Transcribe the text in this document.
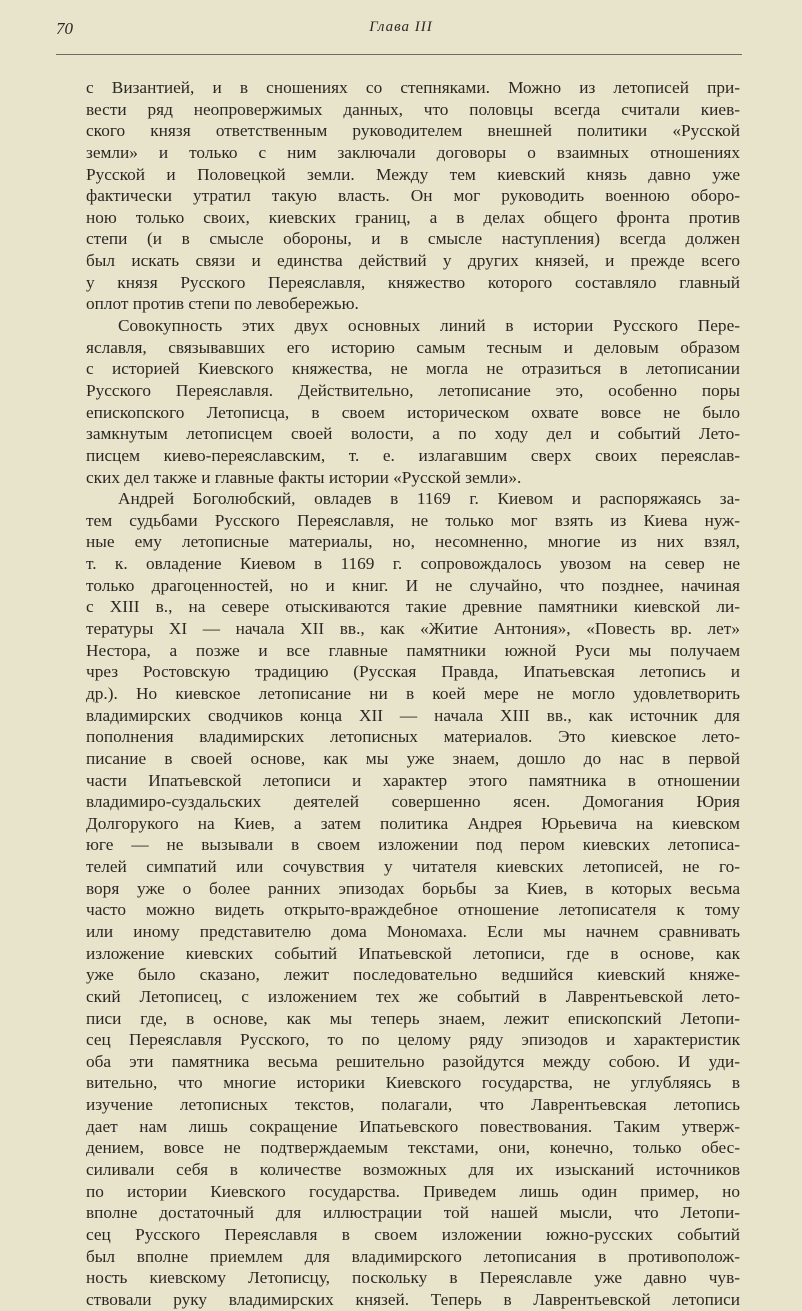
70	Глава III
с Византией, и в сношениях со степняками. Можно из летописей при-
вести ряд неопровержимых данных, что половцы всегда считали киев-
ского князя ответственным руководителем внешней политики «Русской
земли» и только с ним заключали договоры о взаимных отношениях
Русской и Половецкой земли. Между тем киевский князь давно уже
фактически утратил такую власть. Он мог руководить военною оборо-
ною только своих, киевских границ, а в делах общего фронта против
степи (и в смысле обороны, и в смысле наступления) всегда должен
был искать связи и единства действий у других князей, и прежде всего
у князя Русского Переяславля, княжество которого составляло главный
оплот против степи по левобережью.
Совокупность этих двух основных линий в истории Русского Пере-
яславля, связывавших его историю самым тесным и деловым образом
с историей Киевского княжества, не могла не отразиться в летописании
Русского Переяславля. Действительно, летописание это, особенно поры
епископского Летописца, в своем историческом охвате вовсе не было
замкнутым летописцем своей волости, а по ходу дел и событий Лето-
писцем киево-переяславским, т. е. излагавшим сверх своих переяслав-
ских дел также и главные факты истории «Русской земли».
Андрей Боголюбский, овладев в 1169 г. Киевом и распоряжаясь за-
тем судьбами Русского Переяславля, не только мог взять из Киева нуж-
ные ему летописные материалы, но, несомненно, многие из них взял,
т. к. овладение Киевом в 1169 г. сопровождалось увозом на север не
только драгоценностей, но и книг. И не случайно, что позднее, начиная
с XIII в., на севере отыскиваются такие древние памятники киевской ли-
тературы XI — начала XII вв., как «Житие Антония», «Повесть вр. лет»
Нестора, а позже и все главные памятники южной Руси мы получаем
чрез Ростовскую традицию (Русская Правда, Ипатьевская летопись и
др.). Но киевское летописание ни в коей мере не могло удовлетворить
владимирских сводчиков конца XII — начала XIII вв., как источник для
пополнения владимирских летописных материалов. Это киевское лето-
писание в своей основе, как мы уже знаем, дошло до нас в первой
части Ипатьевской летописи и характер этого памятника в отношении
владимиро-суздальских деятелей совершенно ясен. Домогания Юрия
Долгорукого на Киев, а затем политика Андрея Юрьевича на киевском
юге — не вызывали в своем изложении под пером киевских летописа-
телей симпатий или сочувствия у читателя киевских летописей, не го-
воря уже о более ранних эпизодах борьбы за Киев, в которых весьма
часто можно видеть открыто-враждебное отношение летописателя к тому
или иному представителю дома Мономаха. Если мы начнем сравнивать
изложение киевских событий Ипатьевской летописи, где в основе, как
уже было сказано, лежит последовательно ведшийся киевский княже-
ский Летописец, с изложением тех же событий в Лаврентьевской лето-
писи где, в основе, как мы теперь знаем, лежит епископский Летопи-
сец Переяславля Русского, то по целому ряду эпизодов и характеристик
оба эти памятника весьма решительно разойдутся между собою. И уди-
вительно, что многие историки Киевского государства, не углубляясь в
изучение летописных текстов, полагали, что Лаврентьевская летопись
дает нам лишь сокращение Ипатьевского повествования. Таким утверж-
дением, вовсе не подтверждаемым текстами, они, конечно, только обес-
силивали себя в количестве возможных для их изысканий источников
по истории Киевского государства. Приведем лишь один пример, но
вполне достаточный для иллюстрации той нашей мысли, что Летопи-
сец Русского Переяславля в своем изложении южно-русских событий
был вполне приемлем для владимирского летописания в противополож-
ность киевскому Летописцу, поскольку в Переяславле уже давно чув-
ствовали руку владимирских князей. Теперь в Лаврентьевской летописи
